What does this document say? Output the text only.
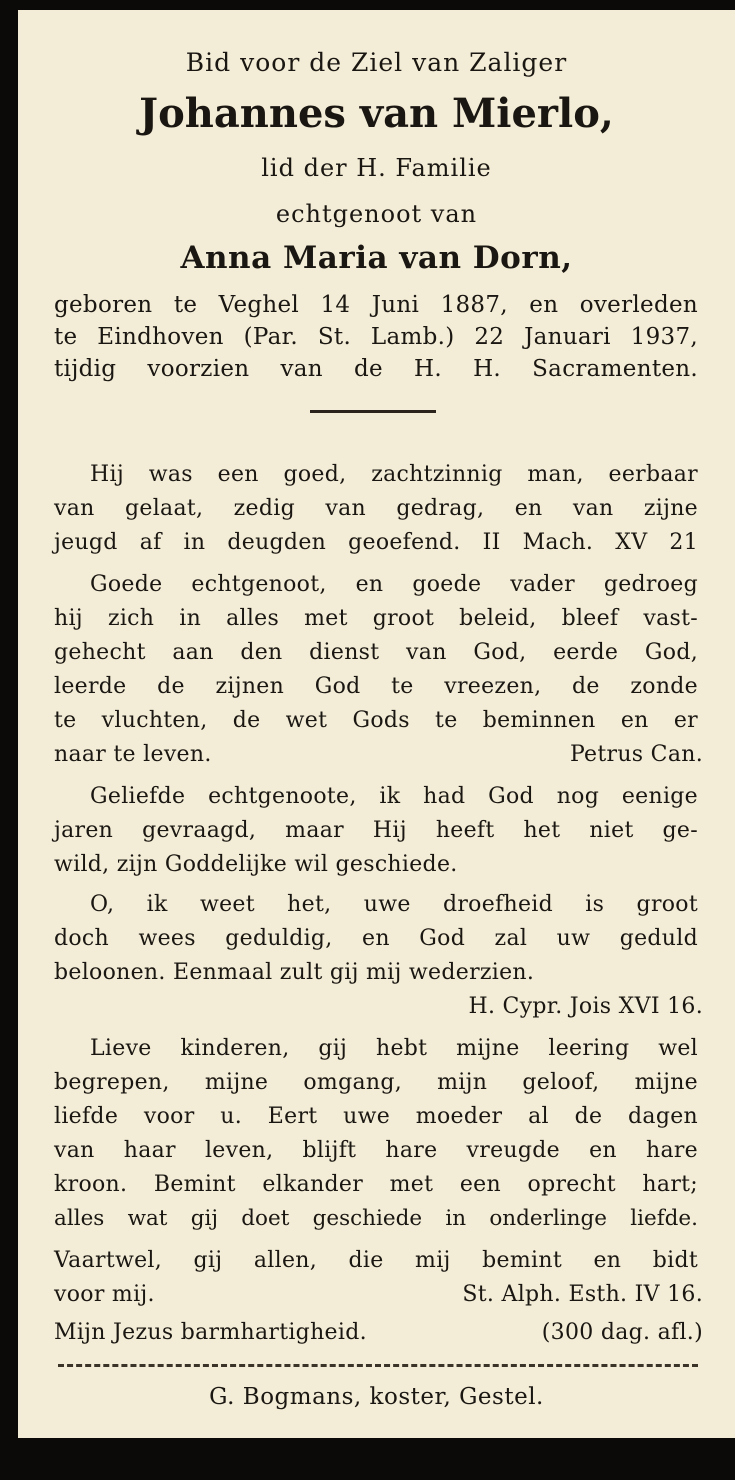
Bid voor de Ziel van Zaliger
Johannes van Mierlo,
lid der H. Familie
echtgenoot van
Anna Maria van Dorn,
geboren te Veghel 14 Juni 1887, en overleden
te Eindhoven (Par. St. Lamb.) 22 Januari 1937,
tijdig voorzien van de H. H. Sacramenten.
Hij was een goed, zachtzinnig man, eerbaar
van gelaat, zedig van gedrag, en van zijne
jeugd af in deugden geoefend. II Mach. XV 21
Goede echtgenoot, en goede vader gedroeg
hij zich in alles met groot beleid, bleef vast-
gehecht aan den dienst van God, eerde God,
leerde de zijnen God te vreezen, de zonde
te vluchten, de wet Gods te beminnen en er
naar te leven.	Petrus Can.
Geliefde echtgenoote, ik had God nog eenige
jaren gevraagd, maar Hij heeft het niet ge-
wild, zijn Goddelijke wil geschiede.
O, ik weet het, uwe droefheid is groot
doch wees geduldig, en God zal uw geduld
beloonen. Eenmaal zult gij mij wederzien.
H. Cypr. Jois XVI 16.
Lieve kinderen, gij hebt mijne leering wel
begrepen, mijne omgang, mijn geloof, mijne
liefde voor u. Eert uwe moeder al de dagen
van haar leven, blijft hare vreugde en hare
kroon. Bemint elkander met een oprecht hart;
alles wat gij doet geschiede in onderlinge liefde.
Vaartwel, gij allen, die mij bemint en bidt
voor mij.	St. Alph. Esth. IV 16.
Mijn Jezus barmhartigheid.	(300 dag. afl.)
G. Bogmans, koster, Gestel.
